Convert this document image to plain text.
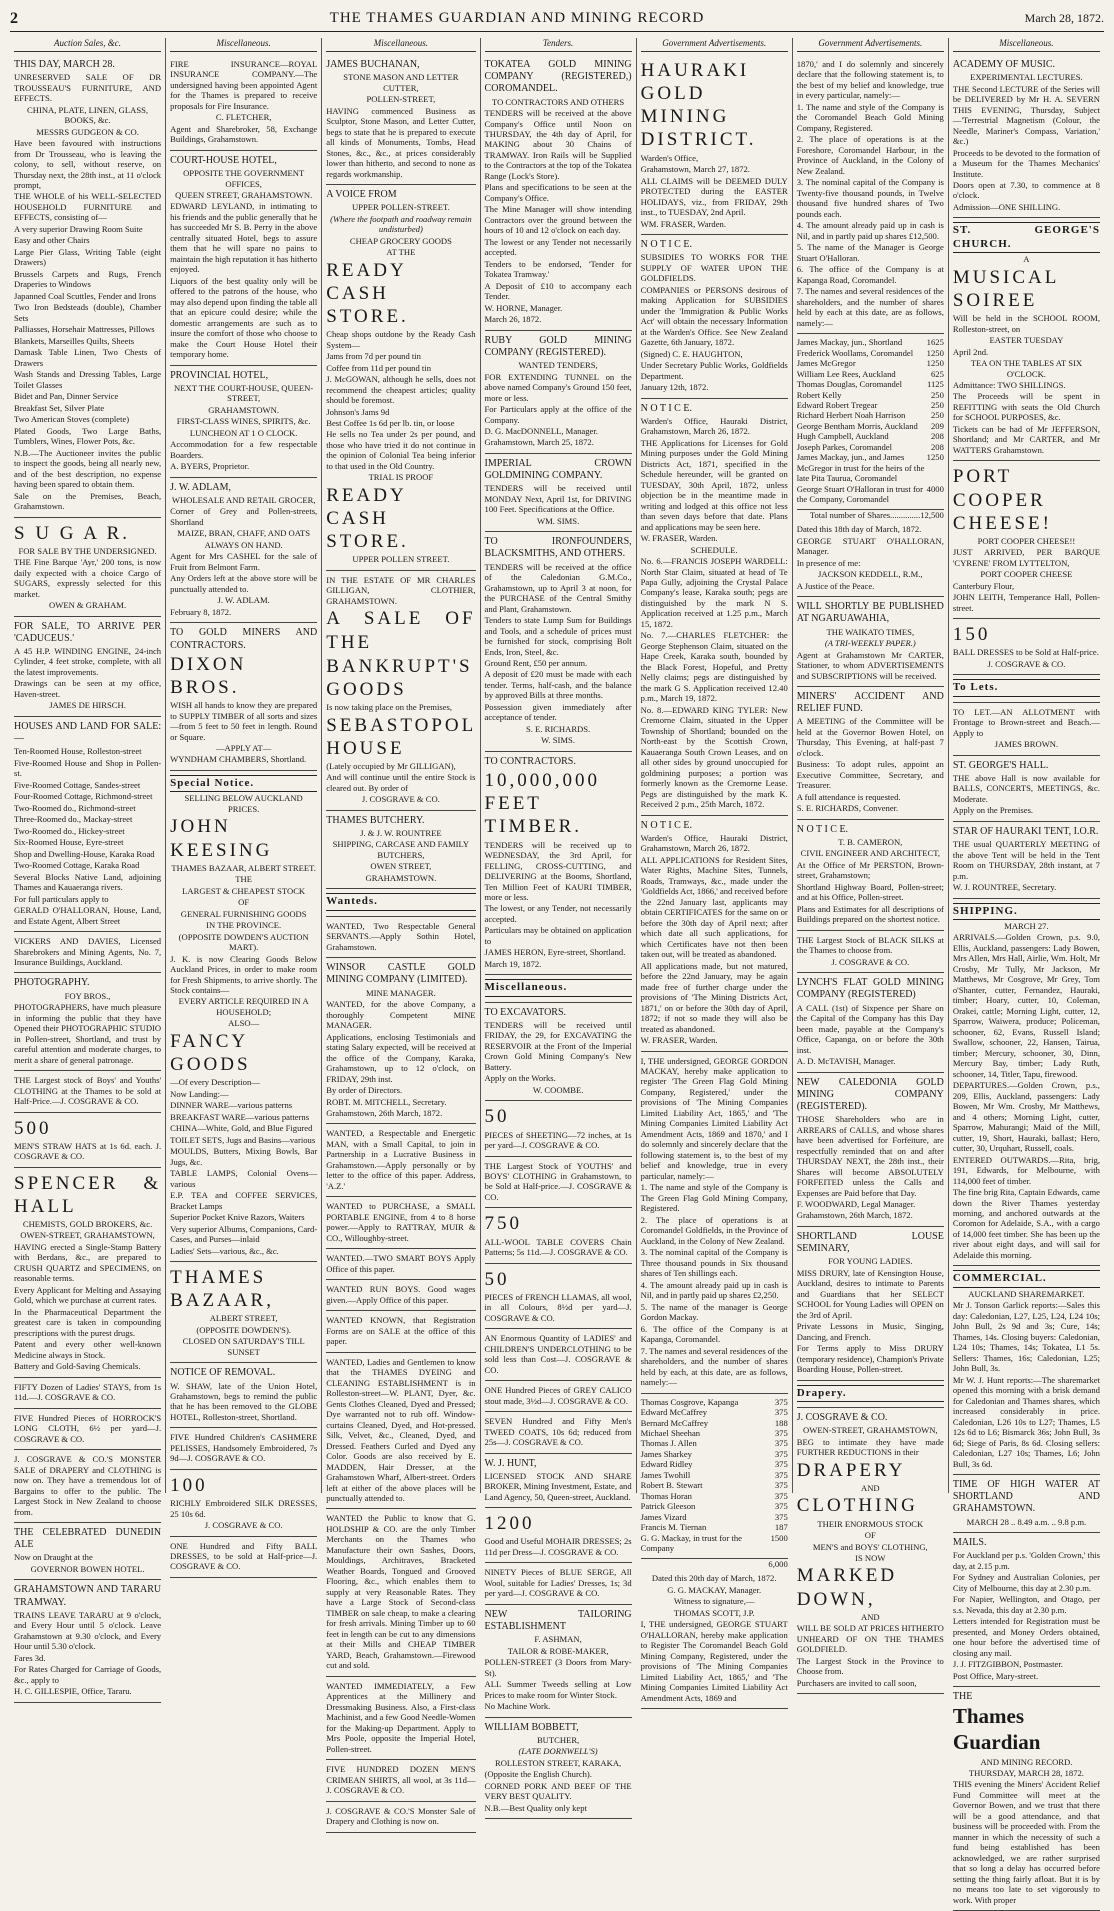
2	THE THAMES GUARDIAN AND MINING RECORD	March 28, 1872.
Auction Sales, &c.

THIS DAY, MARCH 28.

UNRESERVED SALE OF DR TROUSSEAU'S FURNITURE, AND EFFECTS.

CHINA, PLATE, LINEN, GLASS, BOOKS, &c.

MESSRS GUDGEON & CO.

Have been favoured with instructions from Dr Trousseau, who is leaving the colony, to sell, without reserve, on Thursday next, the 28th inst., at 11 o'clock prompt,

THE WHOLE of his WELL-SELECTED HOUSEHOLD FURNITURE and EFFECTS, consisting of—

A very superior Drawing Room Suite

Easy and other Chairs

Large Pier Glass, Writing Table (eight Drawers)

Brussels Carpets and Rugs, French Draperies to Windows

Japanned Coal Scuttles, Fender and Irons

Two Iron Bedsteads (double), Chamber Sets

Palliasses, Horsehair Mattresses, Pillows

Blankets, Marseilles Quilts, Sheets

Damask Table Linen, Two Chests of Drawers

Wash Stands and Dressing Tables, Large Toilet Glasses

Bidet and Pan, Dinner Service

Breakfast Set, Silver Plate

Two American Stoves (complete)

Plated Goods, Two Large Baths, Tumblers, Wines, Flower Pots, &c.

N.B.—The Auctioneer invites the public to inspect the goods, being all nearly new, and of the best description, no expense having been spared to obtain them.

Sale on the Premises, Beach, Grahamstown.

S U G A R.

FOR SALE BY THE UNDERSIGNED.

THE Fine Barque 'Ayr,' 200 tons, is now daily expected with a choice Cargo of SUGARS, expressly selected for this market.

OWEN & GRAHAM.

FOR SALE, TO ARRIVE PER 'CADUCEUS.'

A 45 H.P. WINDING ENGINE, 24-inch Cylinder, 4 feet stroke, complete, with all the latest improvements.

Drawings can be seen at my office, Haven-street.

JAMES DE HIRSCH.

HOUSES AND LAND FOR SALE:—

Ten-Roomed House, Rolleston-street

Five-Roomed House and Shop in Pollen-st.

Five-Roomed Cottage, Sandes-street

Four-Roomed Cottage, Richmond-street

Two-Roomed do., Richmond-street

Three-Roomed do., Mackay-street

Two-Roomed do., Hickey-street

Six-Roomed House, Eyre-street

Shop and Dwelling-House, Karaka Road

Two-Roomed Cottage, Karaka Road

Several Blocks Native Land, adjoining Thames and Kauaeranga rivers.

For full particulars apply to

GERALD O'HALLORAN, House, Land, and Estate Agent, Albert Street

VICKERS AND DAVIES, Licensed Sharebrokers and Mining Agents, No. 7, Insurance Buildings, Auckland.

PHOTOGRAPHY.

FOY BROS.,

PHOTOGRAPHERS, have much pleasure in informing the public that they have Opened their PHOTOGRAPHIC STUDIO in Pollen-street, Shortland, and trust by careful attention and moderate charges, to merit a share of general patronage.

THE Largest stock of Boys' and Youths' CLOTHING at the Thames to be sold at Half-Price.—J. COSGRAVE & CO.

500

MEN'S STRAW HATS at 1s 6d. each. J. COSGRAVE & CO.

SPENCER & HALL

CHEMISTS, GOLD BROKERS, &c.

OWEN-STREET, GRAHAMSTOWN,

HAVING erected a Single-Stamp Battery with Berdans, &c., are prepared to CRUSH QUARTZ and SPECIMENS, on reasonable terms.

Every Applicant for Melting and Assaying Gold, which we purchase at current rates.

In the Pharmaceutical Department the greatest care is taken in compounding prescriptions with the purest drugs.

Patent and every other well-known Medicine always in Stock.

Battery and Gold-Saving Chemicals.

FIFTY Dozen of Ladies' STAYS, from 1s 11d.—J. COSGRAVE & CO.

FIVE Hundred Pieces of HORROCK'S LONG CLOTH, 6½ per yard—J. COSGRAVE & CO.

J. COSGRAVE & CO.'S MONSTER SALE of DRAPERY and CLOTHING is now on. They have a tremendous lot of Bargains to offer to the public. The Largest Stock in New Zealand to choose from.

THE CELEBRATED DUNEDIN ALE

Now on Draught at the

GOVERNOR BOWEN HOTEL.

GRAHAMSTOWN AND TARARU TRAMWAY.

TRAINS LEAVE TARARU at 9 o'clock, and Every Hour until 5 o'clock. Leave Grahamstown at 9.30 o'clock, and Every Hour until 5.30 o'clock.

Fares 3d.

For Rates Charged for Carriage of Goods, &c., apply to

H. C. GILLESPIE, Office, Tararu.

Miscellaneous.

FIRE INSURANCE—ROYAL INSURANCE COMPANY.—The undersigned having been appointed Agent for the Thames is prepared to receive proposals for Fire Insurance.

C. FLETCHER,

Agent and Sharebroker, 58, Exchange Buildings, Grahamstown.

COURT-HOUSE HOTEL,

OPPOSITE THE GOVERNMENT OFFICES,

QUEEN STREET, GRAHAMSTOWN.

EDWARD LEYLAND, in intimating to his friends and the public generally that he has succeeded Mr S. B. Perry in the above centrally situated Hotel, begs to assure them that he will spare no pains to maintain the high reputation it has hitherto enjoyed.

Liquors of the best quality only will be offered to the patrons of the house, who may also depend upon finding the table all that an epicure could desire; while the domestic arrangements are such as to insure the comfort of those who choose to make the Court House Hotel their temporary home.

PROVINCIAL HOTEL,

NEXT THE COURT-HOUSE, QUEEN-STREET,

GRAHAMSTOWN.

FIRST-CLASS WINES, SPIRITS, &c.

LUNCHEON AT 1 O CLOCK.

Accommodation for a few respectable Boarders.

A. BYERS, Proprietor.

J. W. ADLAM,

WHOLESALE AND RETAIL GROCER,

Corner of Grey and Pollen-streets, Shortland

MAIZE, BRAN, CHAFF, AND OATS

ALWAYS ON HAND.

Agent for Mrs CASHEL for the sale of Fruit from Belmont Farm.

Any Orders left at the above store will be punctually attended to.

J. W. ADLAM.

February 8, 1872.

TO GOLD MINERS AND CONTRACTORS.

DIXON BROS.

WISH all hands to know they are prepared to SUPPLY TIMBER of all sorts and sizes—from 5 feet to 50 feet in length. Round or Square.

—APPLY AT—

WYNDHAM CHAMBERS, Shortland.

Special Notice.

SELLING BELOW AUCKLAND PRICES.

JOHN KEESING

THAMES BAZAAR, ALBERT STREET.

THE

LARGEST & CHEAPEST STOCK

OF

GENERAL FURNISHING GOODS

IN THE PROVINCE.

(OPPOSITE DOWDEN'S AUCTION MART).

J. K. is now Clearing Goods Below Auckland Prices, in order to make room for Fresh Shipments, to arrive shortly. The Stock contains—

EVERY ARTICLE REQUIRED IN A HOUSEHOLD;

ALSO—

FANCY GOODS

—Of every Description—

Now Landing:—

DINNER WARE—various patterns

BREAKFAST WARE—various patterns

CHINA—White, Gold, and Blue Figured

TOILET SETS, Jugs and Basins—various

MOULDS, Butters, Mixing Bowls, Bar Jugs, &c.

TABLE LAMPS, Colonial Ovens—various

E.P. TEA and COFFEE SERVICES, Bracket Lamps

Superior Pocket Knive Razors, Waiters

Very superior Albums, Companions, Card-Cases, and Purses—inlaid

Ladies' Sets—various, &c., &c.

THAMES BAZAAR,

ALBERT STREET,

(OPPOSITE DOWDEN'S).

CLOSED ON SATURDAY'S TILL SUNSET

NOTICE OF REMOVAL.

W. SHAW, late of the Union Hotel, Grahamstown, begs to remind the public that he has been removed to the GLOBE HOTEL, Rolleston-street, Shortland.

FIVE Hundred Children's CASHMERE PELISSES, Handsomely Embroidered, 7s 9d—J. COSGRAVE & CO.

100

RICHLY Embroidered SILK DRESSES, 25 10s 6d.

J. COSGRAVE & CO.

ONE Hundred and Fifty BALL DRESSES, to be sold at Half-price—J. COSGRAVE & CO.

Miscellaneous.

JAMES BUCHANAN,

STONE MASON AND LETTER CUTTER,

POLLEN-STREET,

HAVING commenced Business as Sculptor, Stone Mason, and Letter Cutter, begs to state that he is prepared to execute all kinds of Monuments, Tombs, Head Stones, &c., &c., at prices considerably lower than hitherto, and second to none as regards workmanship.

A VOICE FROM

UPPER POLLEN-STREET.

(Where the footpath and roadway remain undisturbed)

CHEAP GROCERY GOODS

AT THE

READY CASH STORE.

Cheap shops outdone by the Ready Cash System—

Jams from 7d per pound tin

Coffee from 11d per pound tin

J. McGOWAN, although he sells, does not recommend the cheapest articles; quality should be foremost.

Johnson's Jams 9d

Best Coffee 1s 6d per lb. tin, or loose

He sells no Tea under 2s per pound, and those who have tried it do not continue in the opinion of Colonial Tea being inferior to that used in the Old Country.

TRIAL IS PROOF

READY CASH STORE.

UPPER POLLEN STREET.

IN THE ESTATE OF MR CHARLES GILLIGAN, CLOTHIER, GRAHAMSTOWN.

A SALE OF THE

BANKRUPT'S GOODS

Is now taking place on the Premises,

SEBASTOPOL HOUSE

(Lately occupied by Mr GILLIGAN),

And will continue until the entire Stock is cleared out. By order of

J. COSGRAVE & CO.

THAMES BUTCHERY.

J. & J. W. ROUNTREE

SHIPPING, CARCASE AND FAMILY BUTCHERS,

OWEN STREET,

GRAHAMSTOWN.

Wanteds.

WANTED, Two Respectable General SERVANTS.—Apply Sothin Hotel, Grahamstown.

WINSOR CASTLE GOLD MINING COMPANY (LIMITED).

MINE MANAGER.

WANTED, for the above Company, a thoroughly Competent MINE MANAGER.

Applications, enclosing Testimonials and stating Salary expected, will be received at the office of the Company, Karaka, Grahamstown, up to 12 o'clock, on FRIDAY, 29th inst.

By order of Directors.

ROBT. M. MITCHELL, Secretary.

Grahamstown, 26th March, 1872.

WANTED, a Respectable and Energetic MAN, with a Small Capital, to join in Partnership in a Lucrative Business in Grahamstown.—Apply personally or by letter to the office of this paper. Address, 'A.Z.'

WANTED to PURCHASE, a SMALL PORTABLE ENGINE, from 4 to 8 horse power.—Apply to RATTRAY, MUIR & CO., Willoughby-street.

WANTED.—TWO SMART BOYS Apply Office of this paper.

WANTED RUN BOYS. Good wages given.—Apply Office of this paper.

WANTED KNOWN, that Registration Forms are on SALE at the office of this paper.

WANTED, Ladies and Gentlemen to know that the THAMES DYEING and CLEANING ESTABLISHMENT is in Rolleston-street—W. PLANT, Dyer, &c. Gents Clothes Cleaned, Dyed and Pressed; Dye warranted not to rub off. Window-curtains Cleaned, Dyed, and Hot-pressed. Silk, Velvet, &c., Cleaned, Dyed, and Dressed. Feathers Curled and Dyed any Color. Goods are also received by E. MADDEN, Hair Dresser, at the Grahamstown Wharf, Albert-street. Orders left at either of the above places will be punctually attended to.

WANTED the Public to know that G. HOLDSHIP & CO. are the only Timber Merchants on the Thames who Manufacture their own Sashes, Doors, Mouldings, Architraves, Bracketed Weather Boards, Tongued and Grooved Flooring, &c., which enables them to supply at very Reasonable Rates. They have a Large Stock of Second-class TIMBER on sale cheap, to make a clearing for fresh arrivals. Mining Timber up to 60 feet in length can be cut to any dimensions at their Mills and CHEAP TIMBER YARD, Beach, Grahamstown.—Firewood cut and sold.

WANTED IMMEDIATELY, a Few Apprentices at the Millinery and Dressmaking Business. Also, a First-class Machinist, and a few Good Needle-Women for the Making-up Department. Apply to Mrs Poole, opposite the Imperial Hotel, Pollen-street.

FIVE HUNDRED DOZEN MEN'S CRIMEAN SHIRTS, all wool, at 3s 11d—J. COSGRAVE & CO.

J. COSGRAVE & CO.'S Monster Sale of Drapery and Clothing is now on.

Tenders.

TOKATEA GOLD MINING COMPANY (REGISTERED,) COROMANDEL.

TO CONTRACTORS AND OTHERS

TENDERS will be received at the above Company's Office until Noon on THURSDAY, the 4th day of April, for MAKING about 30 Chains of TRAMWAY. Iron Rails will be Supplied to the Contractors at the top of the Tokatea Range (Lock's Store).

Plans and specifications to be seen at the Company's Office.

The Mine Manager will show intending Contractors over the ground between the hours of 10 and 12 o'clock on each day.

The lowest or any Tender not necessarily accepted.

Tenders to be endorsed, 'Tender for Tokatea Tramway.'

A Deposit of £10 to accompany each Tender.

W. HORNE, Manager.

March 26, 1872.

RUBY GOLD MINING COMPANY (REGISTERED).

WANTED TENDERS,

FOR EXTENDING TUNNEL on the above named Company's Ground 150 feet, more or less.

For Particulars apply at the office of the Company.

D. G. MacDONNELL, Manager.

Grahamstown, March 25, 1872.

IMPERIAL CROWN GOLDMINING COMPANY.

TENDERS will be received until MONDAY Next, April 1st, for DRIVING 100 Feet. Specifications at the Office.

WM. SIMS.

TO IRONFOUNDERS, BLACKSMITHS, AND OTHERS.

TENDERS will be received at the office of the Caledonian G.M.Co., Grahamstown, up to April 3 at noon, for the PURCHASE of the Central Smithy and Plant, Grahamstown.

Tenders to state Lump Sum for Buildings and Tools, and a schedule of prices must be furnished for stock, comprising Bolt Ends, Iron, Steel, &c.

Ground Rent, £50 per annum.

A deposit of £20 must be made with each tender. Terms, half-cash, and the balance by approved Bills at three months.

Possession given immediately after acceptance of tender.

S. E. RICHARDS.

W. SIMS.

TO CONTRACTORS.

10,000,000 FEET TIMBER.

TENDERS will be received up to WEDNESDAY, the 3rd April, for FELLING, CROSS-CUTTING, and DELIVERING at the Booms, Shortland, Ten Million Feet of KAURI TIMBER, more or less.

The lowest, or any Tender, not necessarily accepted.

Particulars may be obtained on application to

JAMES HERON, Eyre-street, Shortland.

March 19, 1872.

Miscellaneous.

TO EXCAVATORS.

TENDERS will be received until FRIDAY, the 29, for EXCAVATING the RESERVOIR at the Front of the Imperial Crown Gold Mining Company's New Battery.

Apply on the Works.

W. COOMBE.

50

PIECES of SHEETING—72 inches, at 1s per yard—J. COSGRAVE & CO.

THE Largest Stock of YOUTHS' and BOYS' CLOTHING in Grahamstown, to be Sold at Half-price.—J. COSGRAVE & CO.

750

ALL-WOOL TABLE COVERS Chain Patterns; 5s 11d.—J. COSGRAVE & CO.

50

PIECES of FRENCH LLAMAS, all wool, in all Colours, 8½d per yard—J. COSGRAVE & CO.

AN Enormous Quantity of LADIES' and CHILDREN'S UNDERCLOTHING to be sold less than Cost—J. COSGRAVE & CO.

ONE Hundred Pieces of GREY CALICO stout made, 3½d—J. COSGRAVE & CO.

SEVEN Hundred and Fifty Men's TWEED COATS, 10s 6d; reduced from 25s—J. COSGRAVE & CO.

W. J. HUNT,

LICENSED STOCK AND SHARE BROKER, Mining Investment, Estate, and Land Agency, 50, Queen-street, Auckland.

1200

Good and Useful MOHAIR DRESSES; 2s 11d per Dress—J. COSGRAVE & CO.

NINETY Pieces of BLUE SERGE, All Wool, suitable for Ladies' Dresses, 1s; 3d per yard—J. COSGRAVE & CO.

NEW TAILORING ESTABLISHMENT

F. ASHMAN,

TAILOR & ROBE-MAKER,

POLLEN-STREET (3 Doors from Mary-St).

ALL Summer Tweeds selling at Low Prices to make room for Winter Stock.

No Machine Work.

WILLIAM BOBBETT,

BUTCHER,

(LATE DORNWELL'S)

ROLLESTON STREET, KARAKA,

(Opposite the English Church).

CORNED PORK AND BEEF OF THE VERY BEST QUALITY.

N.B.—Best Quality only kept

Government Advertisements.

HAURAKI GOLD MINING DISTRICT.

Warden's Office,

Grahamstown, March 27, 1872.

ALL CLAIMS will be DEEMED DULY PROTECTED during the EASTER HOLIDAYS, viz., from FRIDAY, 29th inst., to TUESDAY, 2nd April.

WM. FRASER, Warden.

N O T I C E.

SUBSIDIES TO WORKS FOR THE SUPPLY OF WATER UPON THE GOLDFIELDS.

COMPANIES or PERSONS desirous of making Application for SUBSIDIES under the 'Immigration & Public Works Act' will obtain the necessary Information at the Warden's Office. See New Zealand Gazette, 6th January, 1872.

(Signed) C. E. HAUGHTON,

Under Secretary Public Works, Goldfields Department.

January 12th, 1872.

N O T I C E.

Warden's Office, Hauraki District, Grahamstown, March 26, 1872.

THE Applications for Licenses for Gold Mining purposes under the Gold Mining Districts Act, 1871, specified in the Schedule hereunder, will be granted on TUESDAY, 30th April, 1872, unless objection be in the meantime made in writing and lodged at this office not less than seven days before that date. Plans and applications may be seen here.

W. FRASER, Warden.

SCHEDULE.

No. 6.—FRANCIS JOSEPH WARDELL: North Star Claim, situated at head of Te Papa Gully, adjoining the Crystal Palace Company's lease, Karaka south; pegs are distinguished by the mark N S. Application received at 1.25 p.m., March 15, 1872.

No. 7.—CHARLES FLETCHER: the George Stephenson Claim, situated on the Hape Creek, Karaka south, bounded by the Black Forest, Hopeful, and Pretty Nelly claims; pegs are distinguished by the mark G S. Application received 12.40 p.m., March 19, 1872.

No. 8.—EDWARD KING TYLER: New Cremorne Claim, situated in the Upper Township of Shortland; bounded on the North-east by the Scottish Crown, Kauaeranga South Crown Leases, and on all other sides by ground unoccupied for goldmining purposes; a portion was formerly known as the Cremorne Lease. Pegs are distinguished by the mark K. Received 2 p.m., 25th March, 1872.

N O T I C E.

Warden's Office, Hauraki District, Grahamstown, March 26, 1872.

ALL APPLICATIONS for Resident Sites, Water Rights, Machine Sites, Tunnels, Roads, Tramways, &c., made under the 'Goldfields Act, 1866,' and received before the 22nd January last, applicants may obtain CERTIFICATES for the same on or before the 30th day of April next; after which date all such applications, for which Certificates have not then been taken out, will be treated as abandoned.

All applications made, but not matured, before the 22nd January, may be again made free of further charge under the provisions of 'The Mining Districts Act, 1871,' on or before the 30th day of April, 1872; if not so made they will also be treated as abandoned.

W. FRASER, Warden.

I, THE undersigned, GEORGE GORDON MACKAY, hereby make application to register 'The Green Flag Gold Mining Company, Registered,' under the provisions of 'The Mining Companies Limited Liability Act, 1865,' and 'The Mining Companies Limited Liability Act Amendment Acts, 1869 and 1870,' and I do solemnly and sincerely declare that the following statement is, to the best of my belief and knowledge, true in every particular, namely:—

1. The name and style of the Company is The Green Flag Gold Mining Company, Registered.

2. The place of operations is at Coromandel Goldfields, in the Province of Auckland, in the Colony of New Zealand.

3. The nominal capital of the Company is Three thousand pounds in Six thousand shares of Ten shillings each.

4. The amount already paid up in cash is Nil, and in partly paid up shares £2,250.

5. The name of the manager is George Gordon Mackay.

6. The office of the Company is at Kapanga, Coromandel.

7. The names and several residences of the shareholders, and the number of shares held by each, at this date, are as follows, namely:—

Thomas Cosgrove, Kapanga	375
Edward McCaffrey	375
Bernard McCaffrey	188
Michael Sheehan	375
Thomas J. Allen	375
James Sharkey	375
Edward Ridley	375
James Twohill	375
Robert B. Stewart	375
Thomas Horan	375
Patrick Gleeson	375
James Vizard	375
Francis M. Tiernan	187
G. G. Mackay, in trust for the Company
1500

6,000

Dated this 20th day of March, 1872.

G. G. MACKAY, Manager.

Witness to signature,—

THOMAS SCOTT, J.P.

I, THE undersigned, GEORGE STUART O'HALLORAN, hereby make application to Register The Coromandel Beach Gold Mining Company, Registered, under the provisions of 'The Mining Companies Limited Liability Act, 1865,' and 'The Mining Companies Limited Liability Act Amendment Acts, 1869 and

Government Advertisements.

1870,' and I do solemnly and sincerely declare that the following statement is, to the best of my belief and knowledge, true in every particular, namely:—

1. The name and style of the Company is the Coromandel Beach Gold Mining Company, Registered.

2. The place of operations is at the Foreshore, Coromandel Harbour, in the Province of Auckland, in the Colony of New Zealand.

3. The nominal capital of the Company is Twenty-five thousand pounds, in Twelve thousand five hundred shares of Two pounds each.

4. The amount already paid up in cash is Nil, and in partly paid up shares £12,500.

5. The name of the Manager is George Stuart O'Halloran.

6. The office of the Company is at Kapanga Road, Coromandel.

7. The names and several residences of the shareholders, and the number of shares held by each at this date, are as follows, namely:—

James Mackay, jun., Shortland	1625
Frederick Woollams, Coromandel 1250
James McGregor	1250
William Lee Rees, Auckland	625
Thomas Douglas, Coromandel	1125
Robert Kelly	250
Edward Robert Tregear	250
Richard Herbert Noah Harrison	250
George Bentham Morris, Auckland 209
Hugh Campbell, Auckland	208
Joseph Parkes, Coromandel	208
James Mackay, jun., and James McGregor in trust for the heirs of the late Pita Taurua, Coromandel
1250
George Stuart O'Halloran in trust for the Company, Coromandel
4000

Total number of Shares..............12,500

Dated this 18th day of March, 1872.

GEORGE STUART O'HALLORAN, Manager.

In presence of me:

JACKSON KEDDELL, R.M.,

A Justice of the Peace.

WILL SHORTLY BE PUBLISHED AT NGARUAWAHIA,

THE WAIKATO TIMES,

(A TRI-WEEKLY PAPER.)

Agent at Grahamstown Mr CARTER, Stationer, to whom ADVERTISEMENTS and SUBSCRIPTIONS will be received.

MINERS' ACCIDENT AND RELIEF FUND.

A MEETING of the Committee will be held at the Governor Bowen Hotel, on Thursday, This Evening, at half-past 7 o'clock.

Business: To adopt rules, appoint an Executive Committee, Secretary, and Treasurer.

A full attendance is requested.

S. E. RICHARDS, Convener.

N O T I C E.

T. B. CAMERON,

CIVIL ENGINEER AND ARCHITECT,

At the Office of Mr PERSTON, Brown-street, Grahamstown;

Shortland Highway Board, Pollen-street; and at his Office, Pollen-street.

Plans and Estimates for all descriptions of Buildings prepared on the shortest notice.

THE Largest Stock of BLACK SILKS at the Thames to choose from.

J. COSGRAVE & CO.

LYNCH'S FLAT GOLD MINING COMPANY (REGISTERED)

A CALL (1st) of Sixpence per Share on the Capital of the Company has this Day been made, payable at the Company's Office, Capanga, on or before the 30th inst.

A. D. McTAVISH, Manager.

NEW CALEDONIA GOLD MINING COMPANY (REGISTERED).

THOSE Shareholders who are in ARREARS of CALLS, and whose shares have been advertised for Forfeiture, are respectfully reminded that on and after THURSDAY NEXT, the 28th inst., their Shares will become ABSOLUTELY FORFEITED unless the Calls and Expenses are Paid before that Day.

F. WOODWARD, Legal Manager.

Grahamstown, 26th March, 1872.

SHORTLAND LOUSE SEMINARY,

FOR YOUNG LADIES.

MISS DRURY, late of Kensington House, Auckland, desires to intimate to Parents and Guardians that her SELECT SCHOOL for Young Ladies will OPEN on the 3rd of April.

Private Lessons in Music, Singing, Dancing, and French.

For Terms apply to Miss DRURY (temporary residence), Champion's Private Boarding House, Pollen-street.

Drapery.

J. COSGRAVE & CO.

OWEN-STREET, GRAHAMSTOWN,

BEG to intimate they have made FURTHER REDUCTIONS in their

DRAPERY

AND

CLOTHING

THEIR ENORMOUS STOCK

OF

MEN'S and BOYS' CLOTHING,

IS NOW

MARKED DOWN,

AND

WILL BE SOLD AT PRICES HITHERTO UNHEARD OF ON THE THAMES GOLDFIELD.

The Largest Stock in the Province to Choose from.

Purchasers are invited to call soon,

Miscellaneous.

ACADEMY OF MUSIC.

EXPERIMENTAL LECTURES.

THE Second LECTURE of the Series will be DELIVERED by Mr H. A. SEVERN THIS EVENING, Thursday, Subject—'Terrestrial Magnetism (Colour, the Needle, Mariner's Compass, Variation,' &c.)

Proceeds to be devoted to the formation of a Museum for the Thames Mechanics' Institute.

Doors open at 7.30, to commence at 8 o'clock.

Admission—ONE SHILLING.

ST. GEORGE'S CHURCH.

A

MUSICAL SOIREE

Will be held in the SCHOOL ROOM, Rolleston-street, on

EASTER TUESDAY

April 2nd.

TEA ON THE TABLES AT SIX O'CLOCK.

Admittance: TWO SHILLINGS.

The Proceeds will be spent in REFITTING with seats the Old Church for SCHOOL PURPOSES, &c.

Tickets can be had of Mr JEFFERSON, Shortland; and Mr CARTER, and Mr WATTERS Grahamstown.

PORT COOPER CHEESE!

PORT COOPER CHEESE!!

JUST ARRIVED, PER BARQUE 'CYRENE' FROM LYTTELTON,

PORT COOPER CHEESE

Canterbury Flour,

JOHN LEITH, Temperance Hall, Pollen-street.

150

BALL DRESSES to be Sold at Half-price.

J. COSGRAVE & CO.

To Lets.

TO LET.—AN ALLOTMENT with Frontage to Brown-street and Beach.—Apply to

JAMES BROWN.

ST. GEORGE'S HALL.

THE above Hall is now available for BALLS, CONCERTS, MEETINGS, &c. Moderate.

Apply on the Premises.

STAR OF HAURAKI TENT, I.O.R.

THE usual QUARTERLY MEETING of the above Tent will be held in the Tent Room on THURSDAY, 28th instant, at 7 p.m.

W. J. ROUNTREE, Secretary.

SHIPPING.

MARCH 27.

ARRIVALS.—Golden Crown, p.s. 9.0, Ellis, Auckland, passengers: Lady Bowen, Mrs Allen, Mrs Hall, Airlie, Wm. Holt, Mr Crosby, Mr Tully, Mr Jackson, Mr Matthews, Mr Cosgrove, Mr Grey, Tom o'Shanter, cutter, Fernandez, Hauraki, timber; Hoary, cutter, 10, Coleman, Orakei, cattle; Morning Light, cutter, 12, Sparrow, Waiwera, produce; Policeman, schooner, 62, Evans, Russell Island; Swallow, schooner, 22, Hansen, Tairua, timber; Mercury, schooner, 30, Dinn, Mercury Bay, timber; Lady Ruth, schooner, 14, Titler, Tapu, firewood.

DEPARTURES.—Golden Crown, p.s., 209, Ellis, Auckland, passengers: Lady Bowen, Mr Wm. Crosby, Mr Matthews, and 4 others; Morning Light, cutter, Sparrow, Mahurangi; Maid of the Mill, cutter, 19, Short, Hauraki, ballast; Hero, cutter, 30, Urquhart, Russell, coals.

ENTERED OUTWARDS.—Rita, brig, 191, Edwards, for Melbourne, with 114,000 feet of timber.

The fine brig Rita, Captain Edwards, came down the River Thames yesterday morning, and anchored outwards at the Coromon for Adelaide, S.A., with a cargo of 14,000 feet timber. She has been up the river about eight days, and will sail for Adelaide this morning.

COMMERCIAL.

AUCKLAND SHAREMARKET.

Mr J. Tonson Garlick reports:—Sales this day: Caledonian, L27, L25, L24, L24 10s; John Bull, 2s 9d and 3s; Cure, 14s; Thames, 14s. Closing buyers: Caledonian, L24 10s; Thames, 14s; Tokatea, L1 5s. Sellers: Thames, 16s; Caledonian, L25; John Bull, 3s.

Mr W. J. Hunt reports:—The sharemarket opened this morning with a brisk demand for Caledonian and Thames shares, which increased considerably in price. Caledonian, L26 10s to L27; Thames, L5 12s 6d to L6; Bismarck 36s; John Bull, 3s 6d; Siege of Paris, 8s 6d. Closing sellers: Caledonian, L27 10s; Thames, L6; John Bull, 3s 6d.

TIME OF HIGH WATER AT SHORTLAND AND GRAHAMSTOWN.

MARCH 28 .. 8.49 a.m. .. 9.8 p.m.

MAILS.

For Auckland per p.s. 'Golden Crown,' this day, at 2.15 p.m.

For Sydney and Australian Colonies, per City of Melbourne, this day at 2.30 p.m.

For Napier, Wellington, and Otago, per s.s. Nevada, this day at 2.30 p.m.

Letters intended for Registration must be presented, and Money Orders obtained, one hour before the advertised time of closing any mail.

J. J. FITZGIBBON, Postmaster.

Post Office, Mary-street.

THE

Thames Guardian

AND MINING RECORD.

THURSDAY, MARCH 28, 1872.

THIS evening the Miners' Accident Relief Fund Committee will meet at the Governor Bowen, and we trust that there will be a good attendance, and that business will be proceeded with. From the manner in which the necessity of such a fund being established has been acknowledged, we are rather surprised that so long a delay has occurred before setting the thing fairly afloat. But it is by no means too late to set vigorously to work. With proper
